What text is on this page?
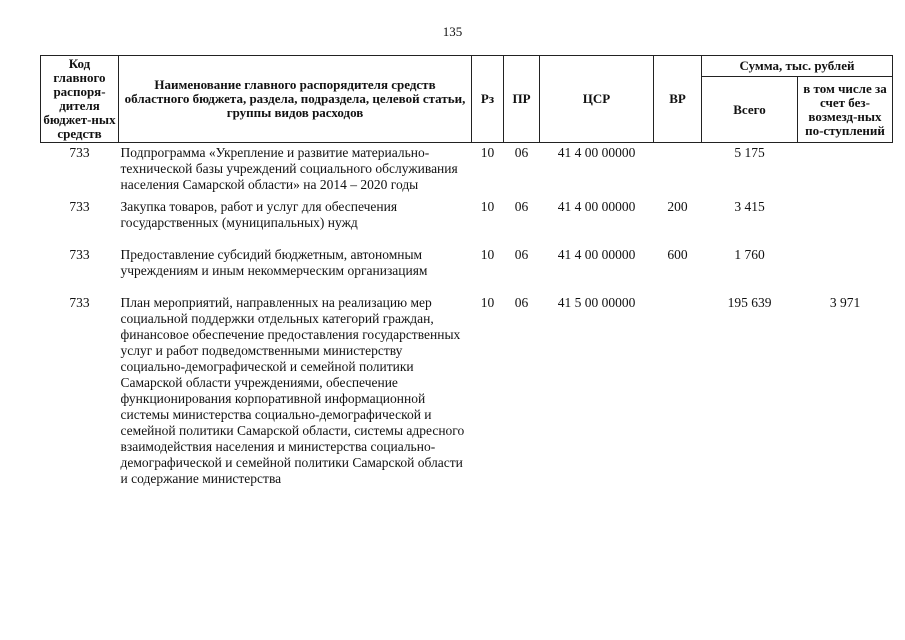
135
Код главного распоря-дителя бюджет-ных средств	Наименование главного распорядителя средств областного бюджета, раздела, подраздела, целевой статьи, группы видов расходов	Рз	ПР	ЦСР	ВР	Сумма, тыс. рублей	
						Всего	в том числе за счет без-возмезд-ных по-ступлений
733	Подпрограмма «Укрепление и развитие материально-технической базы учреждений социального обслуживания населения Самарской области» на 2014 – 2020 годы	10	06	41 4 00 00000		5 175	
733	Закупка товаров, работ и услуг для обеспечения государственных (муниципальных) нужд	10	06	41 4 00 00000	200	3 415	
733	Предоставление субсидий бюджетным, автономным учреждениям и иным некоммерческим организациям	10	06	41 4 00 00000	600	1 760	
733	План мероприятий, направленных на реализацию мер социальной поддержки отдельных категорий граждан, финансовое обеспечение предоставления государственных услуг и работ подведомственными министерству социально-демографической и семейной политики Самарской области учреждениями, обеспечение функционирования корпоративной информационной системы министерства социально-демографической и семейной политики Самарской области, системы адресного взаимодействия населения и министерства социально-демографической и семейной политики Самарской области и содержание министерства	10	06	41 5 00 00000		195 639	3 971
